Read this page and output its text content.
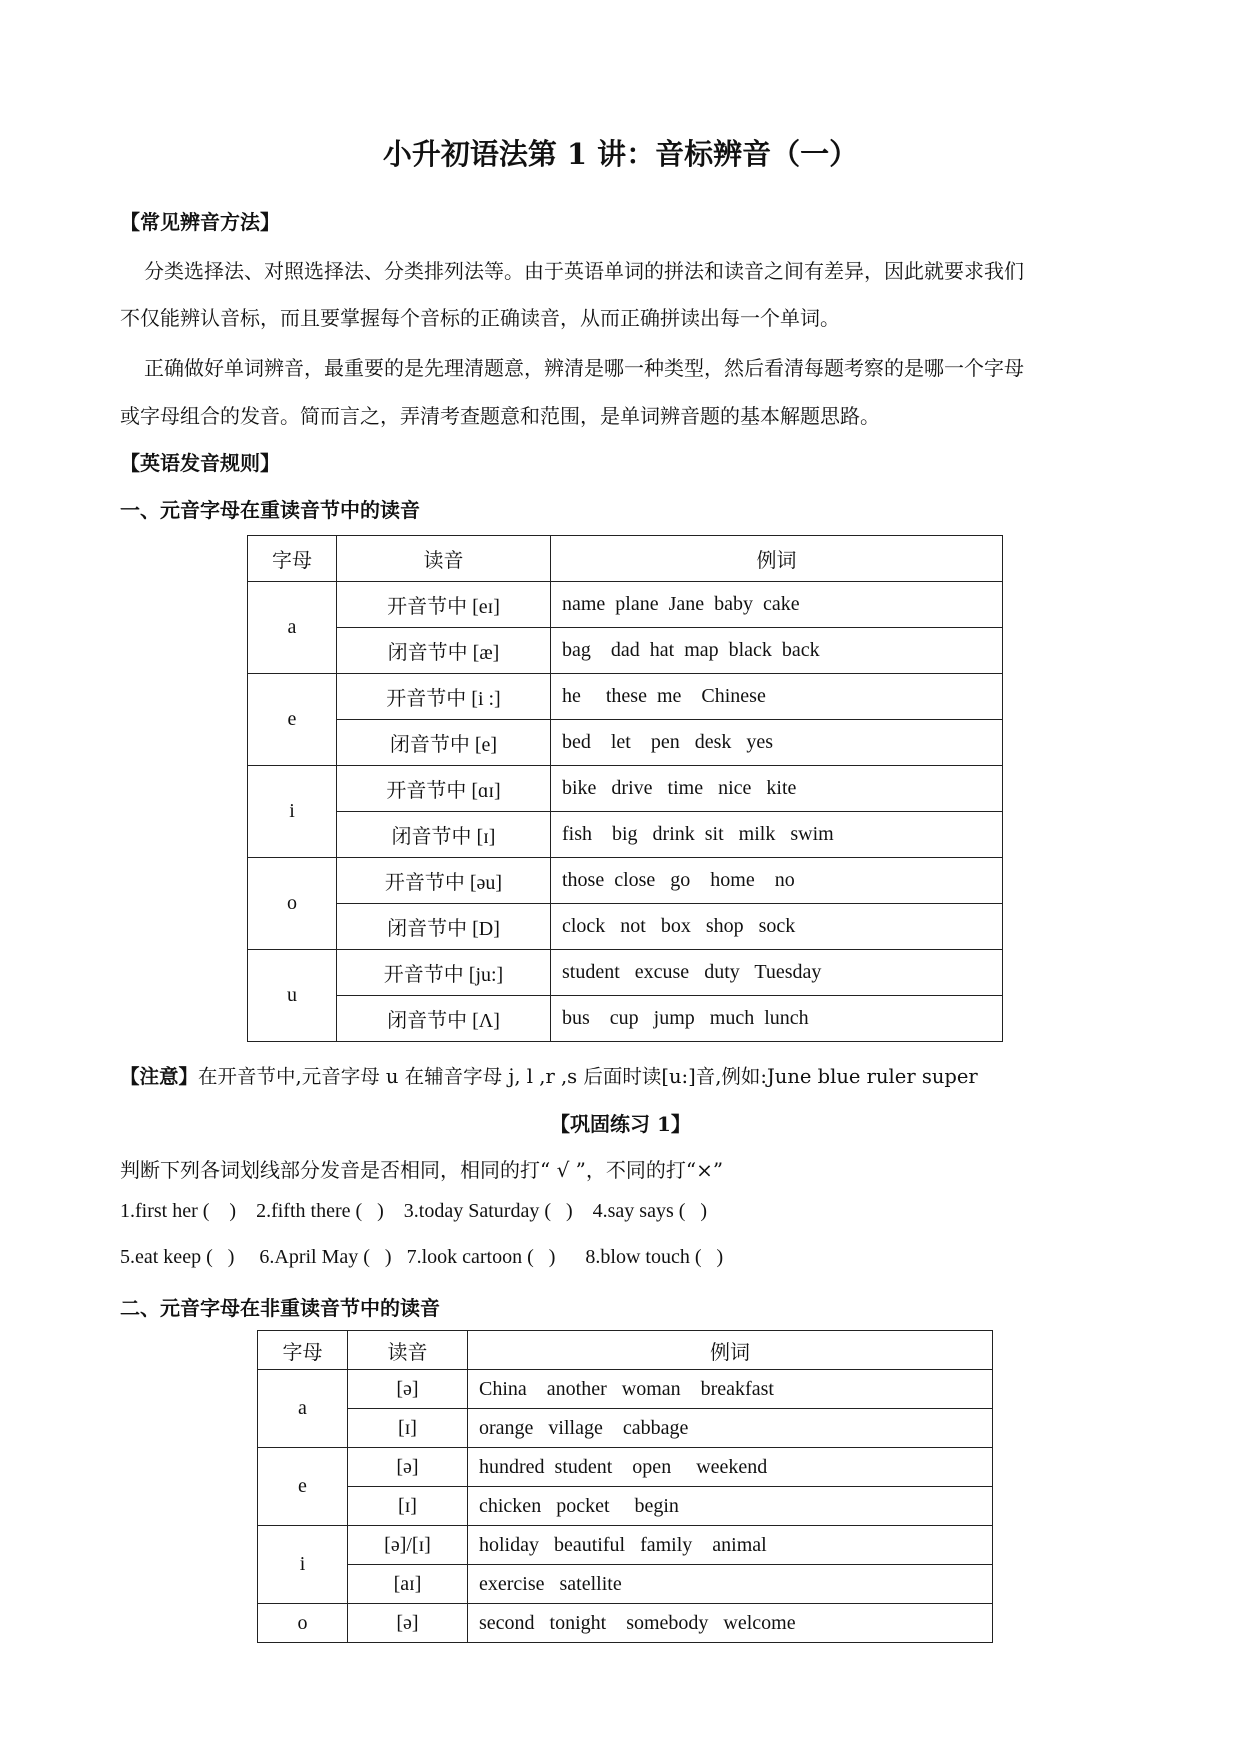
小升初语法第 1 讲：音标辨音（一）
【常见辨音方法】
分类选择法、对照选择法、分类排列法等。由于英语单词的拼法和读音之间有差异，因此就要求我们
不仅能辨认音标，而且要掌握每个音标的正确读音，从而正确拼读出每一个单词。
正确做好单词辨音，最重要的是先理清题意，辨清是哪一种类型，然后看清每题考察的是哪一个字母
或字母组合的发音。简而言之，弄清考查题意和范围，是单词辨音题的基本解题思路。
【英语发音规则】
一、元音字母在重读音节中的读音
字母	读音	例词
a	开音节中 [eɪ]	name  plane  Jane  baby  cake
	闭音节中 [æ]	bag    dad  hat  map  black  back
e	开音节中 [i :]	he     these  me    Chinese
	闭音节中 [e]	bed    let    pen   desk   yes
i	开音节中 [ɑɪ]	bike   drive   time   nice   kite
	闭音节中 [ɪ]	fish    big   drink  sit   milk   swim
o	开音节中 [əu]	those  close   go    home    no
	闭音节中 [D]	clock   not   box   shop   sock
u	开音节中 [ju:]	student   excuse   duty   Tuesday
	闭音节中 [Λ]	bus    cup   jump   much  lunch
【注意】在开音节中,元音字母 u 在辅音字母 j, l ,r ,s 后面时读[u:]音,例如:June blue ruler super
【巩固练习 1】
判断下列各词划线部分发音是否相同，相同的打“ √ ”，不同的打“×”
1.first her (    )    2.fifth there (   )    3.today Saturday (   )    4.say says (   )
5.eat keep (   )     6.April May (   )   7.look cartoon (   )      8.blow touch (   )
二、元音字母在非重读音节中的读音
字母	读音	例词
a	[ə]	China    another   woman    breakfast
	[ɪ]	orange   village    cabbage
e	[ə]	hundred  student    open     weekend
	[ɪ]	chicken   pocket     begin
i	[ə]/[ɪ]	holiday   beautiful   family    animal
	[aɪ]	exercise   satellite
o	[ə]	second   tonight    somebody   welcome
